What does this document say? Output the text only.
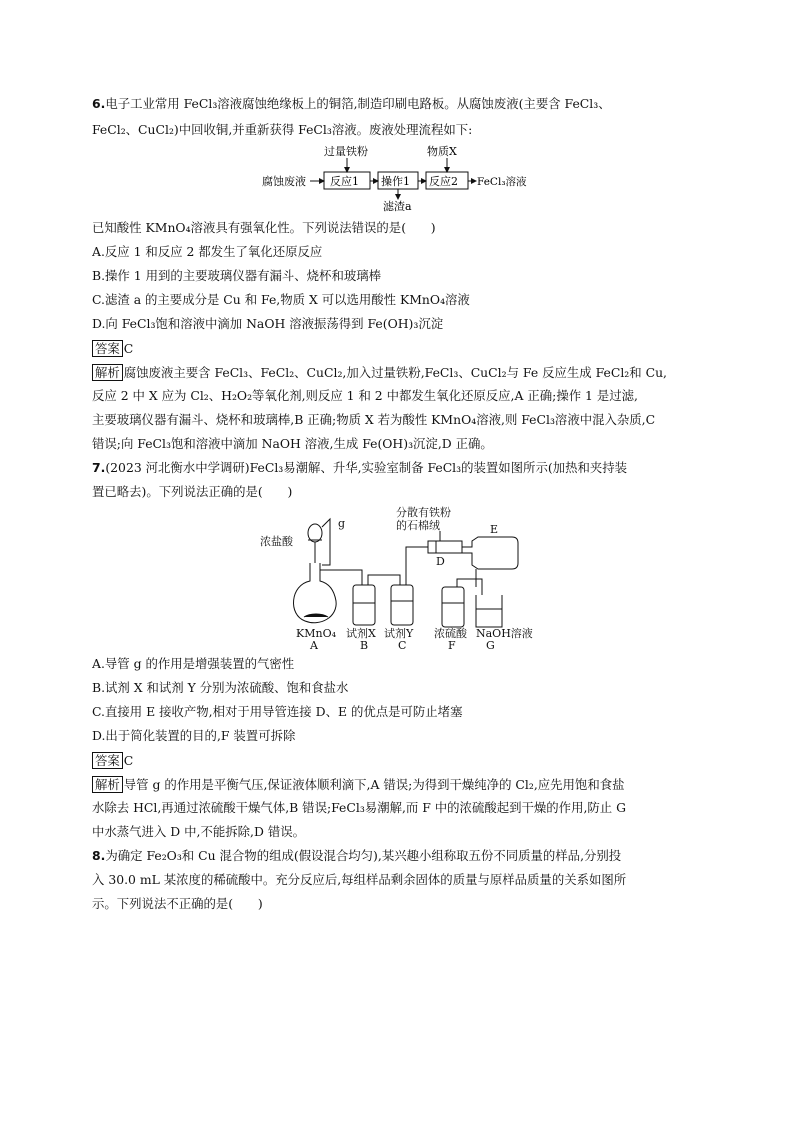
6.电子工业常用 FeCl₃溶液腐蚀绝缘板上的铜箔,制造印刷电路板。从腐蚀废液(主要含 FeCl₃、
FeCl₂、CuCl₂)中回收铜,并重新获得 FeCl₃溶液。废液处理流程如下:
腐蚀废液 反应1 操作1 反应2 FeCl₃溶液
过量铁粉	物质X
滤渣a
已知酸性 KMnO₄溶液具有强氧化性。下列说法错误的是(　　)
A.反应 1 和反应 2 都发生了氧化还原反应
B.操作 1 用到的主要玻璃仪器有漏斗、烧杯和玻璃棒
C.滤渣 a 的主要成分是 Cu 和 Fe,物质 X 可以选用酸性 KMnO₄溶液
D.向 FeCl₃饱和溶液中滴加 NaOH 溶液振荡得到 Fe(OH)₃沉淀
答案 C
解析 腐蚀废液主要含 FeCl₃、FeCl₂、CuCl₂,加入过量铁粉,FeCl₃、CuCl₂与 Fe 反应生成 FeCl₂和 Cu,
反应 2 中 X 应为 Cl₂、H₂O₂等氧化剂,则反应 1 和 2 中都发生氧化还原反应,A 正确;操作 1 是过滤,
主要玻璃仪器有漏斗、烧杯和玻璃棒,B 正确;物质 X 若为酸性 KMnO₄溶液,则 FeCl₃溶液中混入杂质,C
错误;向 FeCl₃饱和溶液中滴加 NaOH 溶液,生成 Fe(OH)₃沉淀,D 正确。
7.(2023 河北衡水中学调研)FeCl₃易潮解、升华,实验室制备 FeCl₃的装置如图所示(加热和夹持装
置已略去)。下列说法正确的是(　　)
浓盐酸
g
分散有铁粉
的石棉绒	E
D
KMnO₄
A
试剂X
B
试剂Y
C
浓硫酸
F
NaOH溶液
G
A.导管 g 的作用是增强装置的气密性
B.试剂 X 和试剂 Y 分别为浓硫酸、饱和食盐水
C.直接用 E 接收产物,相对于用导管连接 D、E 的优点是可防止堵塞
D.出于简化装置的目的,F 装置可拆除
答案 C
解析 导管 g 的作用是平衡气压,保证液体顺利滴下,A 错误;为得到干燥纯净的 Cl₂,应先用饱和食盐
水除去 HCl,再通过浓硫酸干燥气体,B 错误;FeCl₃易潮解,而 F 中的浓硫酸起到干燥的作用,防止 G
中水蒸气进入 D 中,不能拆除,D 错误。
8.为确定 Fe₂O₃和 Cu 混合物的组成(假设混合均匀),某兴趣小组称取五份不同质量的样品,分别投
入 30.0 mL 某浓度的稀硫酸中。充分反应后,每组样品剩余固体的质量与原样品质量的关系如图所
示。下列说法不正确的是(　　)
